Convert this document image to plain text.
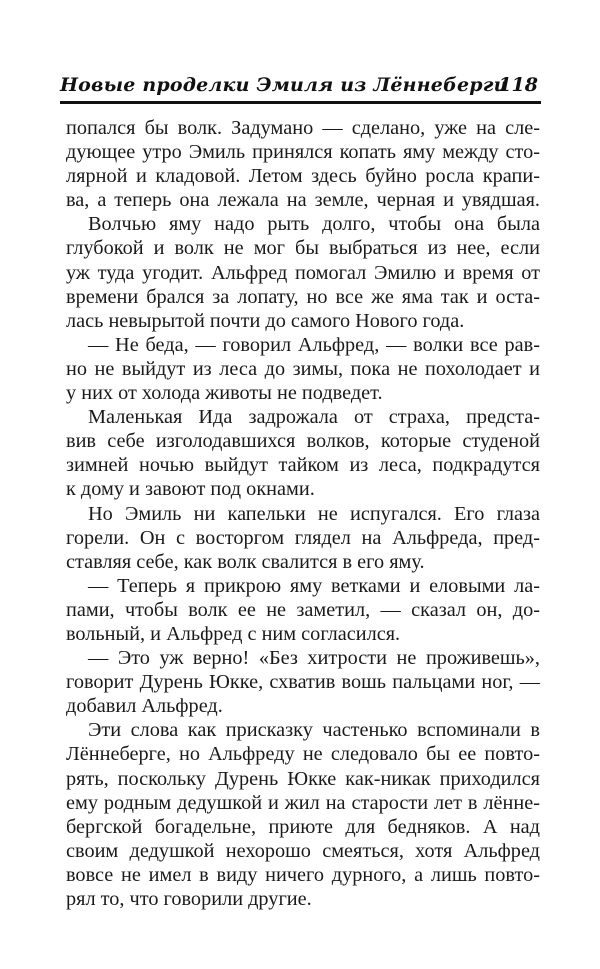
Новые проделки Эмиля из Лённеберги
118
попался бы волк. Задумано — сделано, уже на сле-
дующее утро Эмиль принялся копать яму между сто-
лярной и кладовой. Летом здесь буйно росла крапи-
ва, а теперь она лежала на земле, черная и увядшая.
Волчью яму надо рыть долго, чтобы она была
глубокой и волк не мог бы выбраться из нее, если
уж туда угодит. Альфред помогал Эмилю и время от
времени брался за лопату, но все же яма так и оста-
лась невырытой почти до самого Нового года.
— Не беда, — говорил Альфред, — волки все рав-
но не выйдут из леса до зимы, пока не похолодает и
у них от холода животы не подведет.
Маленькая Ида задрожала от страха, предста-
вив себе изголодавшихся волков, которые студеной
зимней ночью выйдут тайком из леса, подкрадутся
к дому и завоют под окнами.
Но Эмиль ни капельки не испугался. Его глаза
горели. Он с восторгом глядел на Альфреда, пред-
ставляя себе, как волк свалится в его яму.
— Теперь я прикрою яму ветками и еловыми ла-
пами, чтобы волк ее не заметил, — сказал он, до-
вольный, и Альфред с ним согласился.
— Это уж верно! «Без хитрости не проживешь»,
говорит Дурень Юкке, схватив вошь пальцами ног, —
добавил Альфред.
Эти слова как присказку частенько вспоминали в
Лённеберге, но Альфреду не следовало бы ее повто-
рять, поскольку Дурень Юкке как-никак приходился
ему родным дедушкой и жил на старости лет в лённе-
бергской богадельне, приюте для бедняков. А над
своим дедушкой нехорошо смеяться, хотя Альфред
вовсе не имел в виду ничего дурного, а лишь повто-
рял то, что говорили другие.
